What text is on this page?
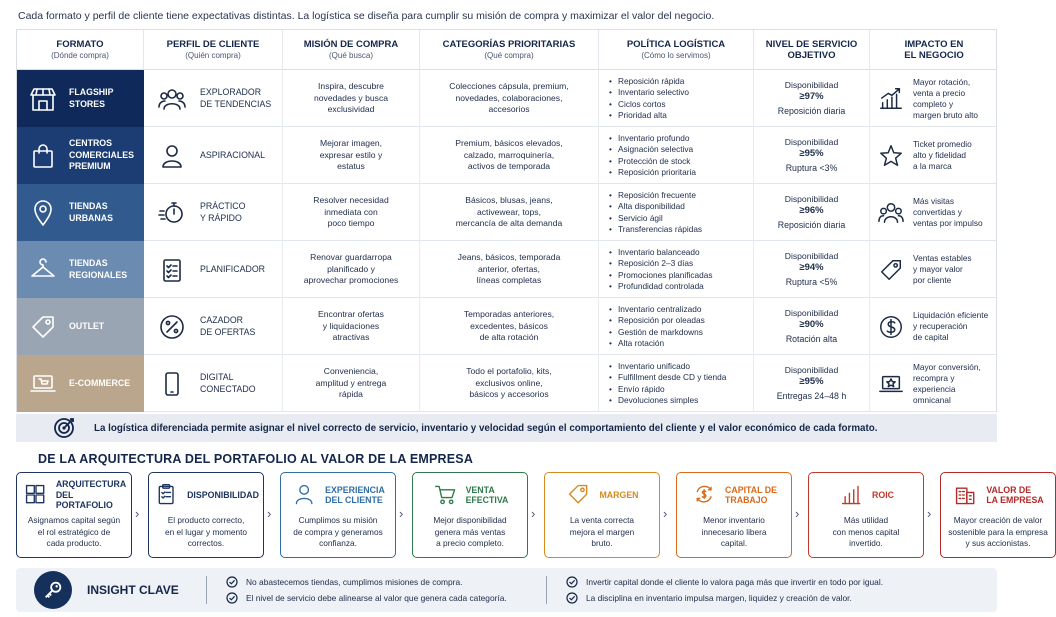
Cada formato y perfil de cliente tiene expectativas distintas. La logística se diseña para cumplir su misión de compra y maximizar el valor del negocio.
FORMATO
(Dónde compra)
PERFIL DE CLIENTE
(Quién compra)
MISIÓN DE COMPRA
(Qué busca)
CATEGORÍAS PRIORITARIAS
(Qué compra)
POLÍTICA LOGÍSTICA
(Cómo lo servimos)
NIVEL DE SERVICIO
OBJETIVO
IMPACTO EN
EL NEGOCIO
FLAGSHIP
STORES
EXPLORADOR
DE TENDENCIAS
Inspira, descubre
novedades y busca
exclusividad
Colecciones cápsula, premium,
novedades, colaboraciones,
accesorios
• Reposición rápida
• Inventario selectivo
• Ciclos cortos
• Prioridad alta
Disponibilidad
≥97%
Reposición diaria
Mayor rotación,
venta a precio
completo y
margen bruto alto
CENTROS
COMERCIALES
PREMIUM
ASPIRACIONAL
Mejorar imagen,
expresar estilo y
estatus
Premium, básicos elevados,
calzado, marroquinería,
activos de temporada
• Inventario profundo
• Asignación selectiva
• Protección de stock
• Reposición prioritaria
Disponibilidad
≥95%
Ruptura <3%
Ticket promedio
alto y fidelidad
a la marca
TIENDAS
URBANAS
PRÁCTICO
Y RÁPIDO
Resolver necesidad
inmediata con
poco tiempo
Básicos, blusas, jeans,
activewear, tops,
mercancía de alta demanda
• Reposición frecuente
• Alta disponibilidad
• Servicio ágil
• Transferencias rápidas
Disponibilidad
≥96%
Reposición diaria
Más visitas
convertidas y
ventas por impulso
TIENDAS
REGIONALES
PLANIFICADOR
Renovar guardarropa
planificado y
aprovechar promociones
Jeans, básicos, temporada
anterior, ofertas,
líneas completas
• Inventario balanceado
• Reposición 2–3 días
• Promociones planificadas
• Profundidad controlada
Disponibilidad
≥94%
Ruptura <5%
Ventas estables
y mayor valor
por cliente
OUTLET
CAZADOR
DE OFERTAS
Encontrar ofertas
y liquidaciones
atractivas
Temporadas anteriores,
excedentes, básicos
de alta rotación
• Inventario centralizado
• Reposición por oleadas
• Gestión de markdowns
• Alta rotación
Disponibilidad
≥90%
Rotación alta
Liquidación eficiente
y recuperación
de capital
E-COMMERCE
DIGITAL
CONECTADO
Conveniencia,
amplitud y entrega
rápida
Todo el portafolio, kits,
exclusivos online,
básicos y accesorios
• Inventario unificado
• Fulfillment desde CD y tienda
• Envío rápido
• Devoluciones simples
Disponibilidad
≥95%
Entregas 24–48 h
Mayor conversión,
recompra y
experiencia
omnicanal
La logística diferenciada permite asignar el nivel correcto de servicio, inventario y velocidad según el comportamiento del cliente y el valor económico de cada formato.
DE LA ARQUITECTURA DEL PORTAFOLIO AL VALOR DE LA EMPRESA
ARQUITECTURA
DEL PORTAFOLIO
Asignamos capital según
el rol estratégico de
cada producto.
›
DISPONIBILIDAD
El producto correcto,
en el lugar y momento
correctos.
›
EXPERIENCIA
DEL CLIENTE
Cumplimos su misión
de compra y generamos
confianza.
›
VENTA
EFECTIVA
Mejor disponibilidad
genera más ventas
a precio completo.
›
MARGEN
La venta correcta
mejora el margen
bruto.
›
CAPITAL DE
TRABAJO
Menor inventario
innecesario libera
capital.
›
ROIC
Más utilidad
con menos capital
invertido.
›
VALOR DE
LA EMPRESA
Mayor creación de valor
sostenible para la empresa
y sus accionistas.
INSIGHT CLAVE
No abastecemos tiendas, cumplimos misiones de compra.
El nivel de servicio debe alinearse al valor que genera cada categoría.
Invertir capital donde el cliente lo valora paga más que invertir en todo por igual.
La disciplina en inventario impulsa margen, liquidez y creación de valor.
